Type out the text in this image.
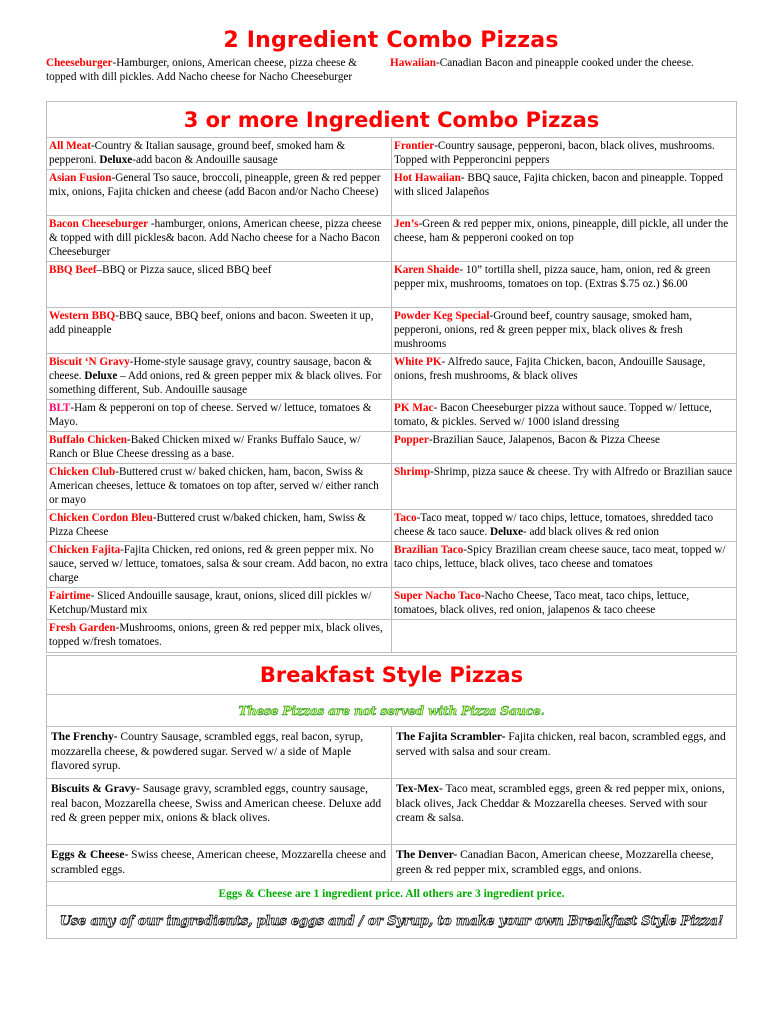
2 Ingredient Combo Pizzas
Cheeseburger-Hamburger, onions, American cheese, pizza cheese & topped with dill pickles. Add Nacho cheese for Nacho Cheeseburger
Hawaiian-Canadian Bacon and pineapple cooked under the cheese.
3 or more Ingredient Combo Pizzas
All Meat-Country & Italian sausage, ground beef, smoked ham & pepperoni. Deluxe-add bacon & Andouille sausage
Frontier-Country sausage, pepperoni, bacon, black olives, mushrooms. Topped with Pepperoncini peppers
Asian Fusion-General Tso sauce, broccoli, pineapple, green & red pepper mix, onions, Fajita chicken and cheese (add Bacon and/or Nacho Cheese)
Hot Hawaiian- BBQ sauce, Fajita chicken, bacon and pineapple. Topped with sliced Jalapeños
Bacon Cheeseburger -hamburger, onions, American cheese, pizza cheese & topped with dill pickles& bacon. Add Nacho cheese for a Nacho Bacon Cheeseburger
Jen’s-Green & red pepper mix, onions, pineapple, dill pickle, all under the cheese, ham & pepperoni cooked on top
BBQ Beef–BBQ or Pizza sauce, sliced BBQ beef	Karen Shaide- 10” tortilla shell, pizza sauce, ham, onion, red & green pepper mix, mushrooms, tomatoes on top. (Extras $.75 oz.) $6.00
Western BBQ-BBQ sauce, BBQ beef, onions and bacon. Sweeten it up, add pineapple
Powder Keg Special-Ground beef, country sausage, smoked ham, pepperoni, onions, red & green pepper mix, black olives & fresh mushrooms
Biscuit ‘N Gravy-Home-style sausage gravy, country sausage, bacon & cheese. Deluxe – Add onions, red & green pepper mix & black olives. For something different, Sub. Andouille sausage
White PK- Alfredo sauce, Fajita Chicken, bacon, Andouille Sausage, onions, fresh mushrooms, & black olives
BLT-Ham & pepperoni on top of cheese. Served w/ lettuce, tomatoes & Mayo.
PK Mac- Bacon Cheeseburger pizza without sauce. Topped w/ lettuce, tomato, & pickles. Served w/ 1000 island dressing
Buffalo Chicken-Baked Chicken mixed w/ Franks Buffalo Sauce, w/ Ranch or Blue Cheese dressing as a base.
Popper-Brazilian Sauce, Jalapenos, Bacon & Pizza Cheese
Chicken Club-Buttered crust w/ baked chicken, ham, bacon, Swiss & American cheeses, lettuce & tomatoes on top after, served w/ either ranch or mayo
Shrimp-Shrimp, pizza sauce & cheese. Try with Alfredo or Brazilian sauce
Chicken Cordon Bleu-Buttered crust w/baked chicken, ham, Swiss & Pizza Cheese
Taco-Taco meat, topped w/ taco chips, lettuce, tomatoes, shredded taco cheese & taco sauce. Deluxe- add black olives & red onion
Chicken Fajita-Fajita Chicken, red onions, red & green pepper mix. No sauce, served w/ lettuce, tomatoes, salsa & sour cream. Add bacon, no extra charge
Brazilian Taco-Spicy Brazilian cream cheese sauce, taco meat, topped w/ taco chips, lettuce, black olives, taco cheese and tomatoes
Fairtime- Sliced Andouille sausage, kraut, onions, sliced dill pickles w/ Ketchup/Mustard mix
Super Nacho Taco-Nacho Cheese, Taco meat, taco chips, lettuce, tomatoes, black olives, red onion, jalapenos & taco cheese
Fresh Garden-Mushrooms, onions, green & red pepper mix, black olives, topped w/fresh tomatoes.
Breakfast Style Pizzas
These Pizzas are not served with Pizza Sauce.
The Frenchy- Country Sausage, scrambled eggs, real bacon, syrup, mozzarella cheese, & powdered sugar. Served w/ a side of Maple flavored syrup.
The Fajita Scrambler- Fajita chicken, real bacon, scrambled eggs, and served with salsa and sour cream.
Biscuits & Gravy- Sausage gravy, scrambled eggs, country sausage, real bacon, Mozzarella cheese, Swiss and American cheese. Deluxe add red & green pepper mix, onions & black olives.
Tex-Mex- Taco meat, scrambled eggs, green & red pepper mix, onions, black olives, Jack Cheddar & Mozzarella cheeses. Served with sour cream & salsa.
Eggs & Cheese- Swiss cheese, American cheese, Mozzarella cheese and scrambled eggs.
The Denver- Canadian Bacon, American cheese, Mozzarella cheese, green & red pepper mix, scrambled eggs, and onions.
Eggs & Cheese are 1 ingredient price. All others are 3 ingredient price.
Use any of our ingredients, plus eggs and / or Syrup, to make your own Breakfast Style Pizza!
